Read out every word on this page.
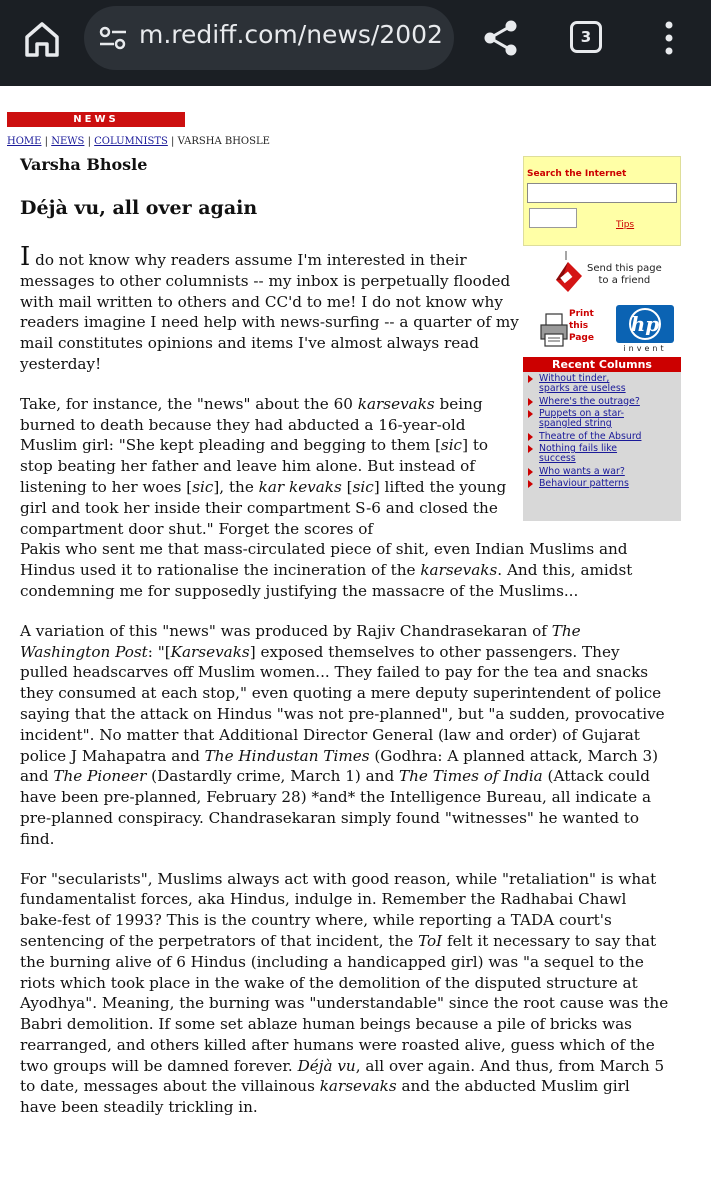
m.rediff.com/news/2002	3
NEWS
HOME | NEWS | COLUMNISTS | VARSHA BHOSLE
Varsha Bhosle
Déjà vu, all over again
Search the Internet
Tips
Send this page
to a friend
Print
this
Page
hp
invent
Recent Columns
Without tinder,
sparks are useless
Where's the outrage?
Puppets on a star-
spangled string
Theatre of the Absurd
Nothing fails like
success
Who wants a war?
Behaviour patterns

I do not know why readers assume I'm interested in their messages to other columnists -- my inbox is perpetually flooded with mail written to others and CC'd to me! I do not know why readers imagine I need help with news-surfing -- a quarter of my mail constitutes opinions and items I've almost always read yesterday!

Take, for instance, the "news" about the 60 karsevaks being burned to death because they had abducted a 16-year-old Muslim girl: "She kept pleading and begging to them [sic] to stop beating her father and leave him alone. But instead of listening to her woes [sic], the kar kevaks [sic] lifted the young girl and took her inside their compartment S-6 and closed the compartment door shut." Forget the scores of

Pakis who sent me that mass-circulated piece of shit, even Indian Muslims and Hindus used it to rationalise the incineration of the karsevaks. And this, amidst condemning me for supposedly justifying the massacre of the Muslims...

A variation of this "news" was produced by Rajiv Chandrasekaran of The Washington Post: "[Karsevaks] exposed themselves to other passengers. They pulled headscarves off Muslim women... They failed to pay for the tea and snacks they consumed at each stop," even quoting a mere deputy superintendent of police saying that the attack on Hindus "was not pre-planned", but "a sudden, provocative incident". No matter that Additional Director General (law and order) of Gujarat police J Mahapatra and The Hindustan Times (Godhra: A planned attack, March 3) and The Pioneer (Dastardly crime, March 1) and The Times of India (Attack could have been pre-planned, February 28) *and* the Intelligence Bureau, all indicate a pre-planned conspiracy. Chandrasekaran simply found "witnesses" he wanted to find.

For "secularists", Muslims always act with good reason, while "retaliation" is what fundamentalist forces, aka Hindus, indulge in. Remember the Radhabai Chawl bake-fest of 1993? This is the country where, while reporting a TADA court's sentencing of the perpetrators of that incident, the ToI felt it necessary to say that the burning alive of 6 Hindus (including a handicapped girl) was "a sequel to the riots which took place in the wake of the demolition of the disputed structure at Ayodhya". Meaning, the burning was "understandable" since the root cause was the Babri demolition. If some set ablaze human beings because a pile of bricks was rearranged, and others killed after humans were roasted alive, guess which of the two groups will be damned forever. Déjà vu, all over again. And thus, from March 5 to date, messages about the villainous karsevaks and the abducted Muslim girl have been steadily trickling in.
